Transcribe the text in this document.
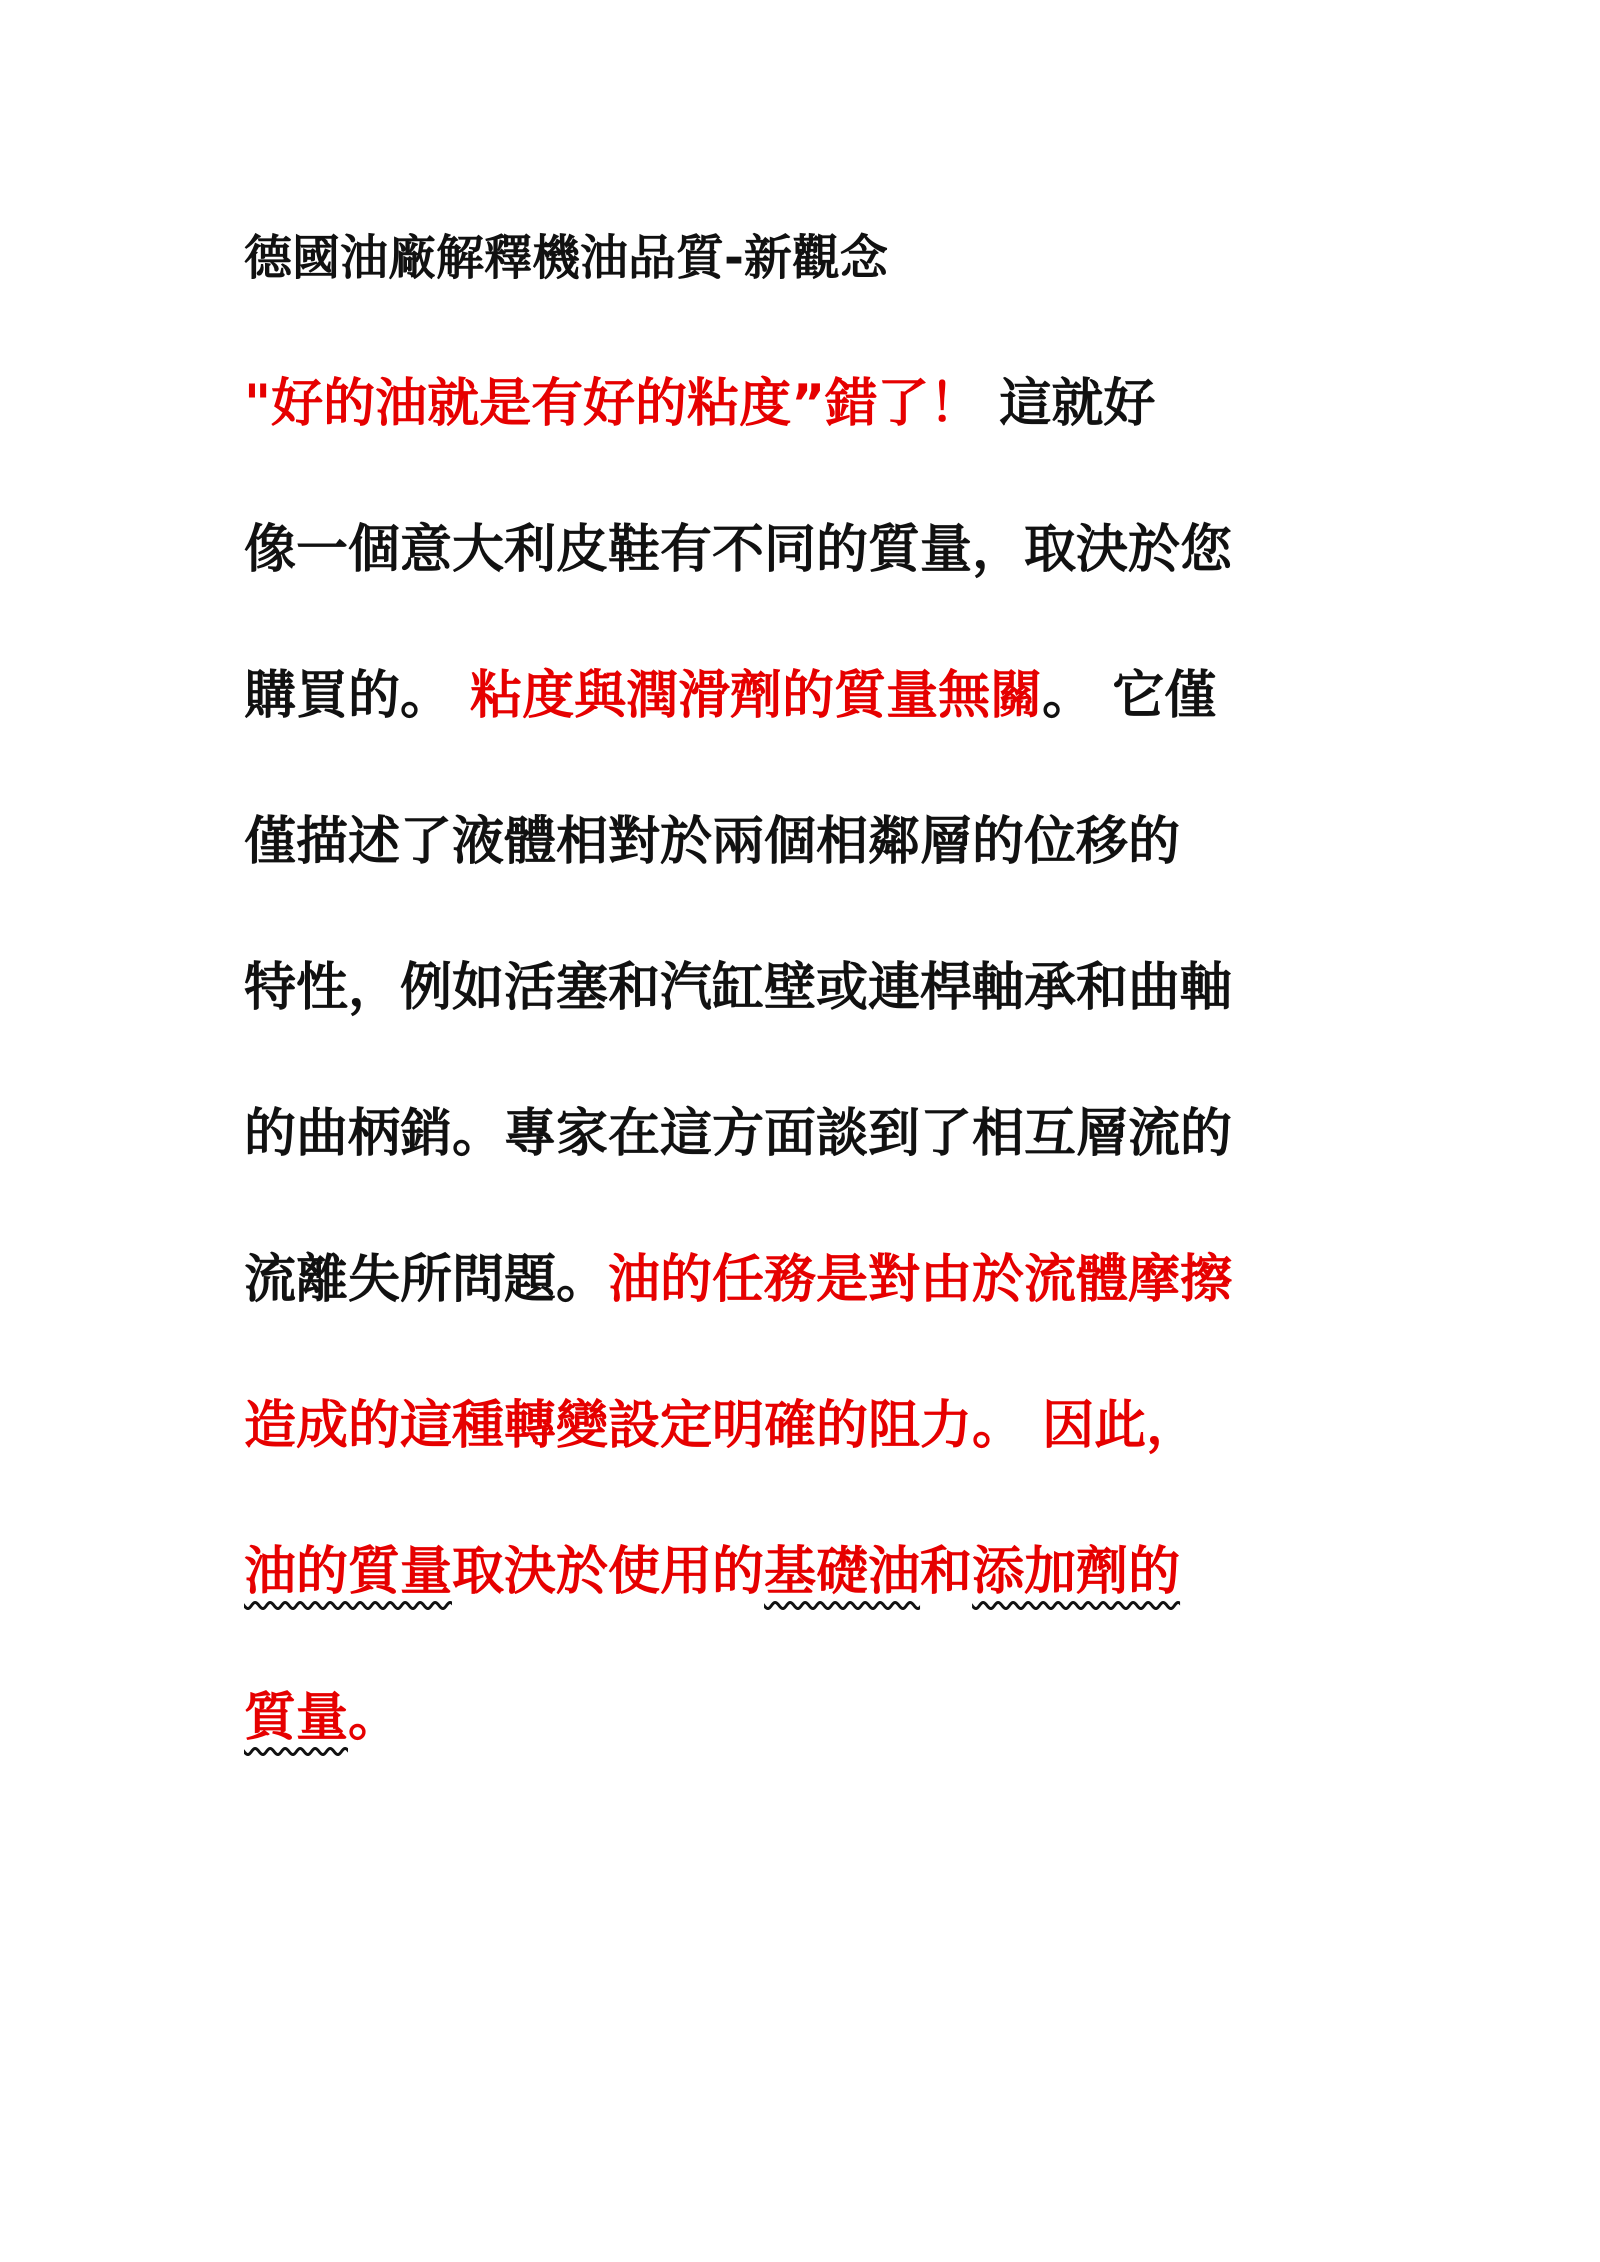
德國油廠解釋機油品質-新觀念
"好的油就是有好的粘度”錯了！ 這就好
像一個意大利皮鞋有不同的質量，取決於您
購買的。 粘度與潤滑劑的質量無關。 它僅
僅描述了液體相對於兩個相鄰層的位移的
特性，例如活塞和汽缸壁或連桿軸承和曲軸
的曲柄銷。專家在這方面談到了相互層流的
流離失所問題。油的任務是對由於流體摩擦
造成的這種轉變設定明確的阻力。 因此，
油的質量取決於使用的基礎油和添加劑的
質量。
